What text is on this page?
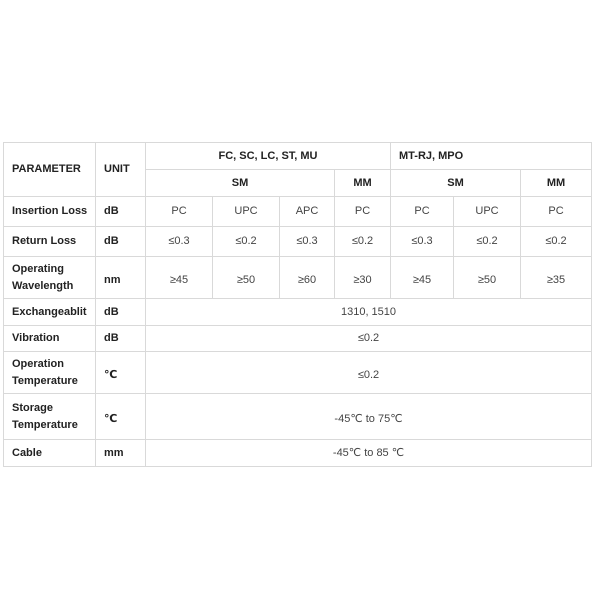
PARAMETER	UNIT	FC, SC, LC, ST, MU				MT-RJ, MPO		
		SM			MM	SM		MM
Insertion Loss	dB	PC	UPC	APC	PC	PC	UPC	PC
Return Loss	dB	≤0.3	≤0.2	≤0.3	≤0.2	≤0.3	≤0.2	≤0.2
Operating
Wavelength	nm	≥45	≥50	≥60	≥30	≥45	≥50	≥35
Exchangeablit	dB	1310, 1510						
Vibration	dB	≤0.2						
Operation
Temperature	℃	≤0.2						
Storage
Temperature	℃	-45℃ to 75℃						
Cable	mm	-45℃ to 85 ℃						
